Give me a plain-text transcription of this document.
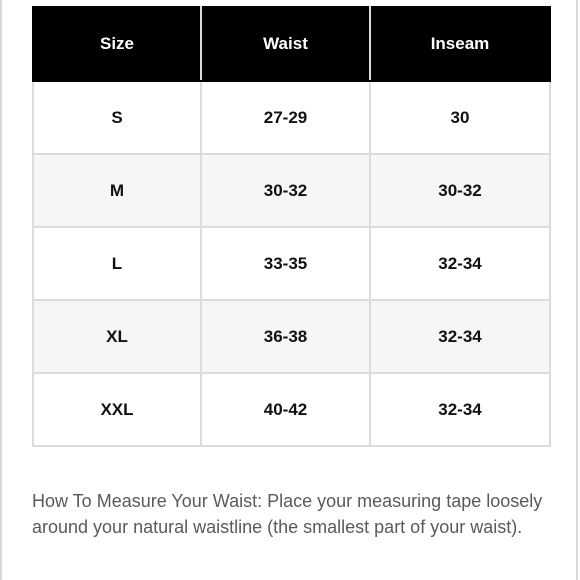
Size	Waist	Inseam
S	27-29	30
M	30-32	30-32
L	33-35	32-34
XL	36-38	32-34
XXL	40-42	32-34

How To Measure Your Waist: Place your measuring tape loosely around your natural waistline (the smallest part of your waist).
